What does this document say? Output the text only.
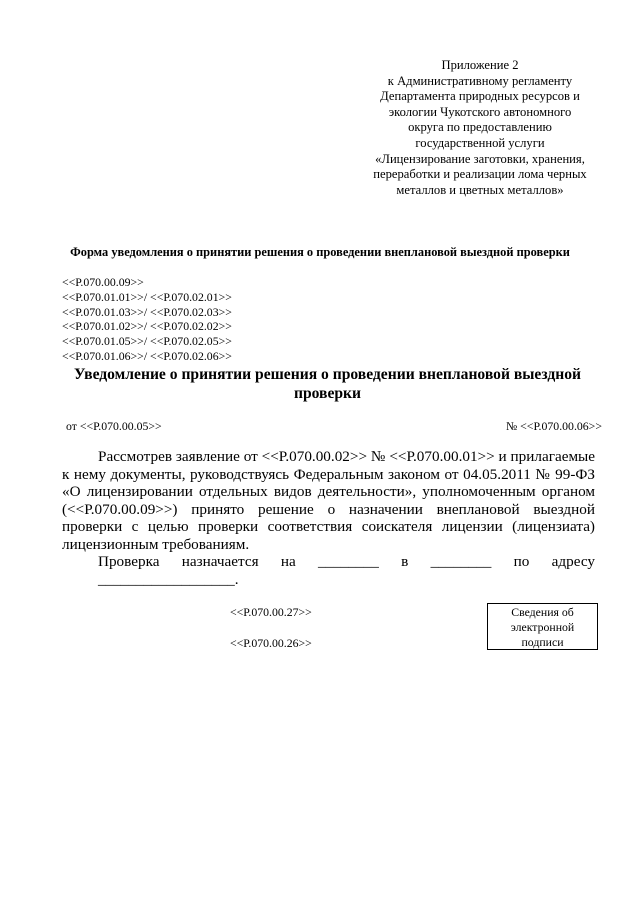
Приложение 2
к Административному регламенту
Департамента природных ресурсов и
экологии Чукотского автономного
округа по предоставлению
государственной услуги
«Лицензирование заготовки, хранения,
переработки и реализации лома черных
металлов и цветных металлов»
Форма уведомления о принятии решения о проведении внеплановой выездной проверки
<<Р.070.00.09>>
<<Р.070.01.01>>/ <<Р.070.02.01>>
<<Р.070.01.03>>/ <<Р.070.02.03>>
<<Р.070.01.02>>/ <<Р.070.02.02>>
<<Р.070.01.05>>/ <<Р.070.02.05>>
<<Р.070.01.06>>/ <<Р.070.02.06>>
Уведомление о принятии решения о проведении внеплановой выездной
проверки
от <<Р.070.00.05>>	№ <<Р.070.00.06>>

Рассмотрев заявление от <<Р.070.00.02>> № <<Р.070.00.01>> и прилагаемые к нему документы, руководствуясь Федеральным законом от 04.05.2011 № 99-ФЗ «О лицензировании отдельных видов деятельности», уполномоченным органом (<<Р.070.00.09>>) принято решение о назначении внеплановой выездной проверки с целью проверки соответствия соискателя лицензии (лицензиата) лицензионным требованиям.

Проверка назначается на ________ в ________ по адресу

__________________.

<<Р.070.00.27>>
<<Р.070.00.26>>
Сведения об
электронной
подписи
